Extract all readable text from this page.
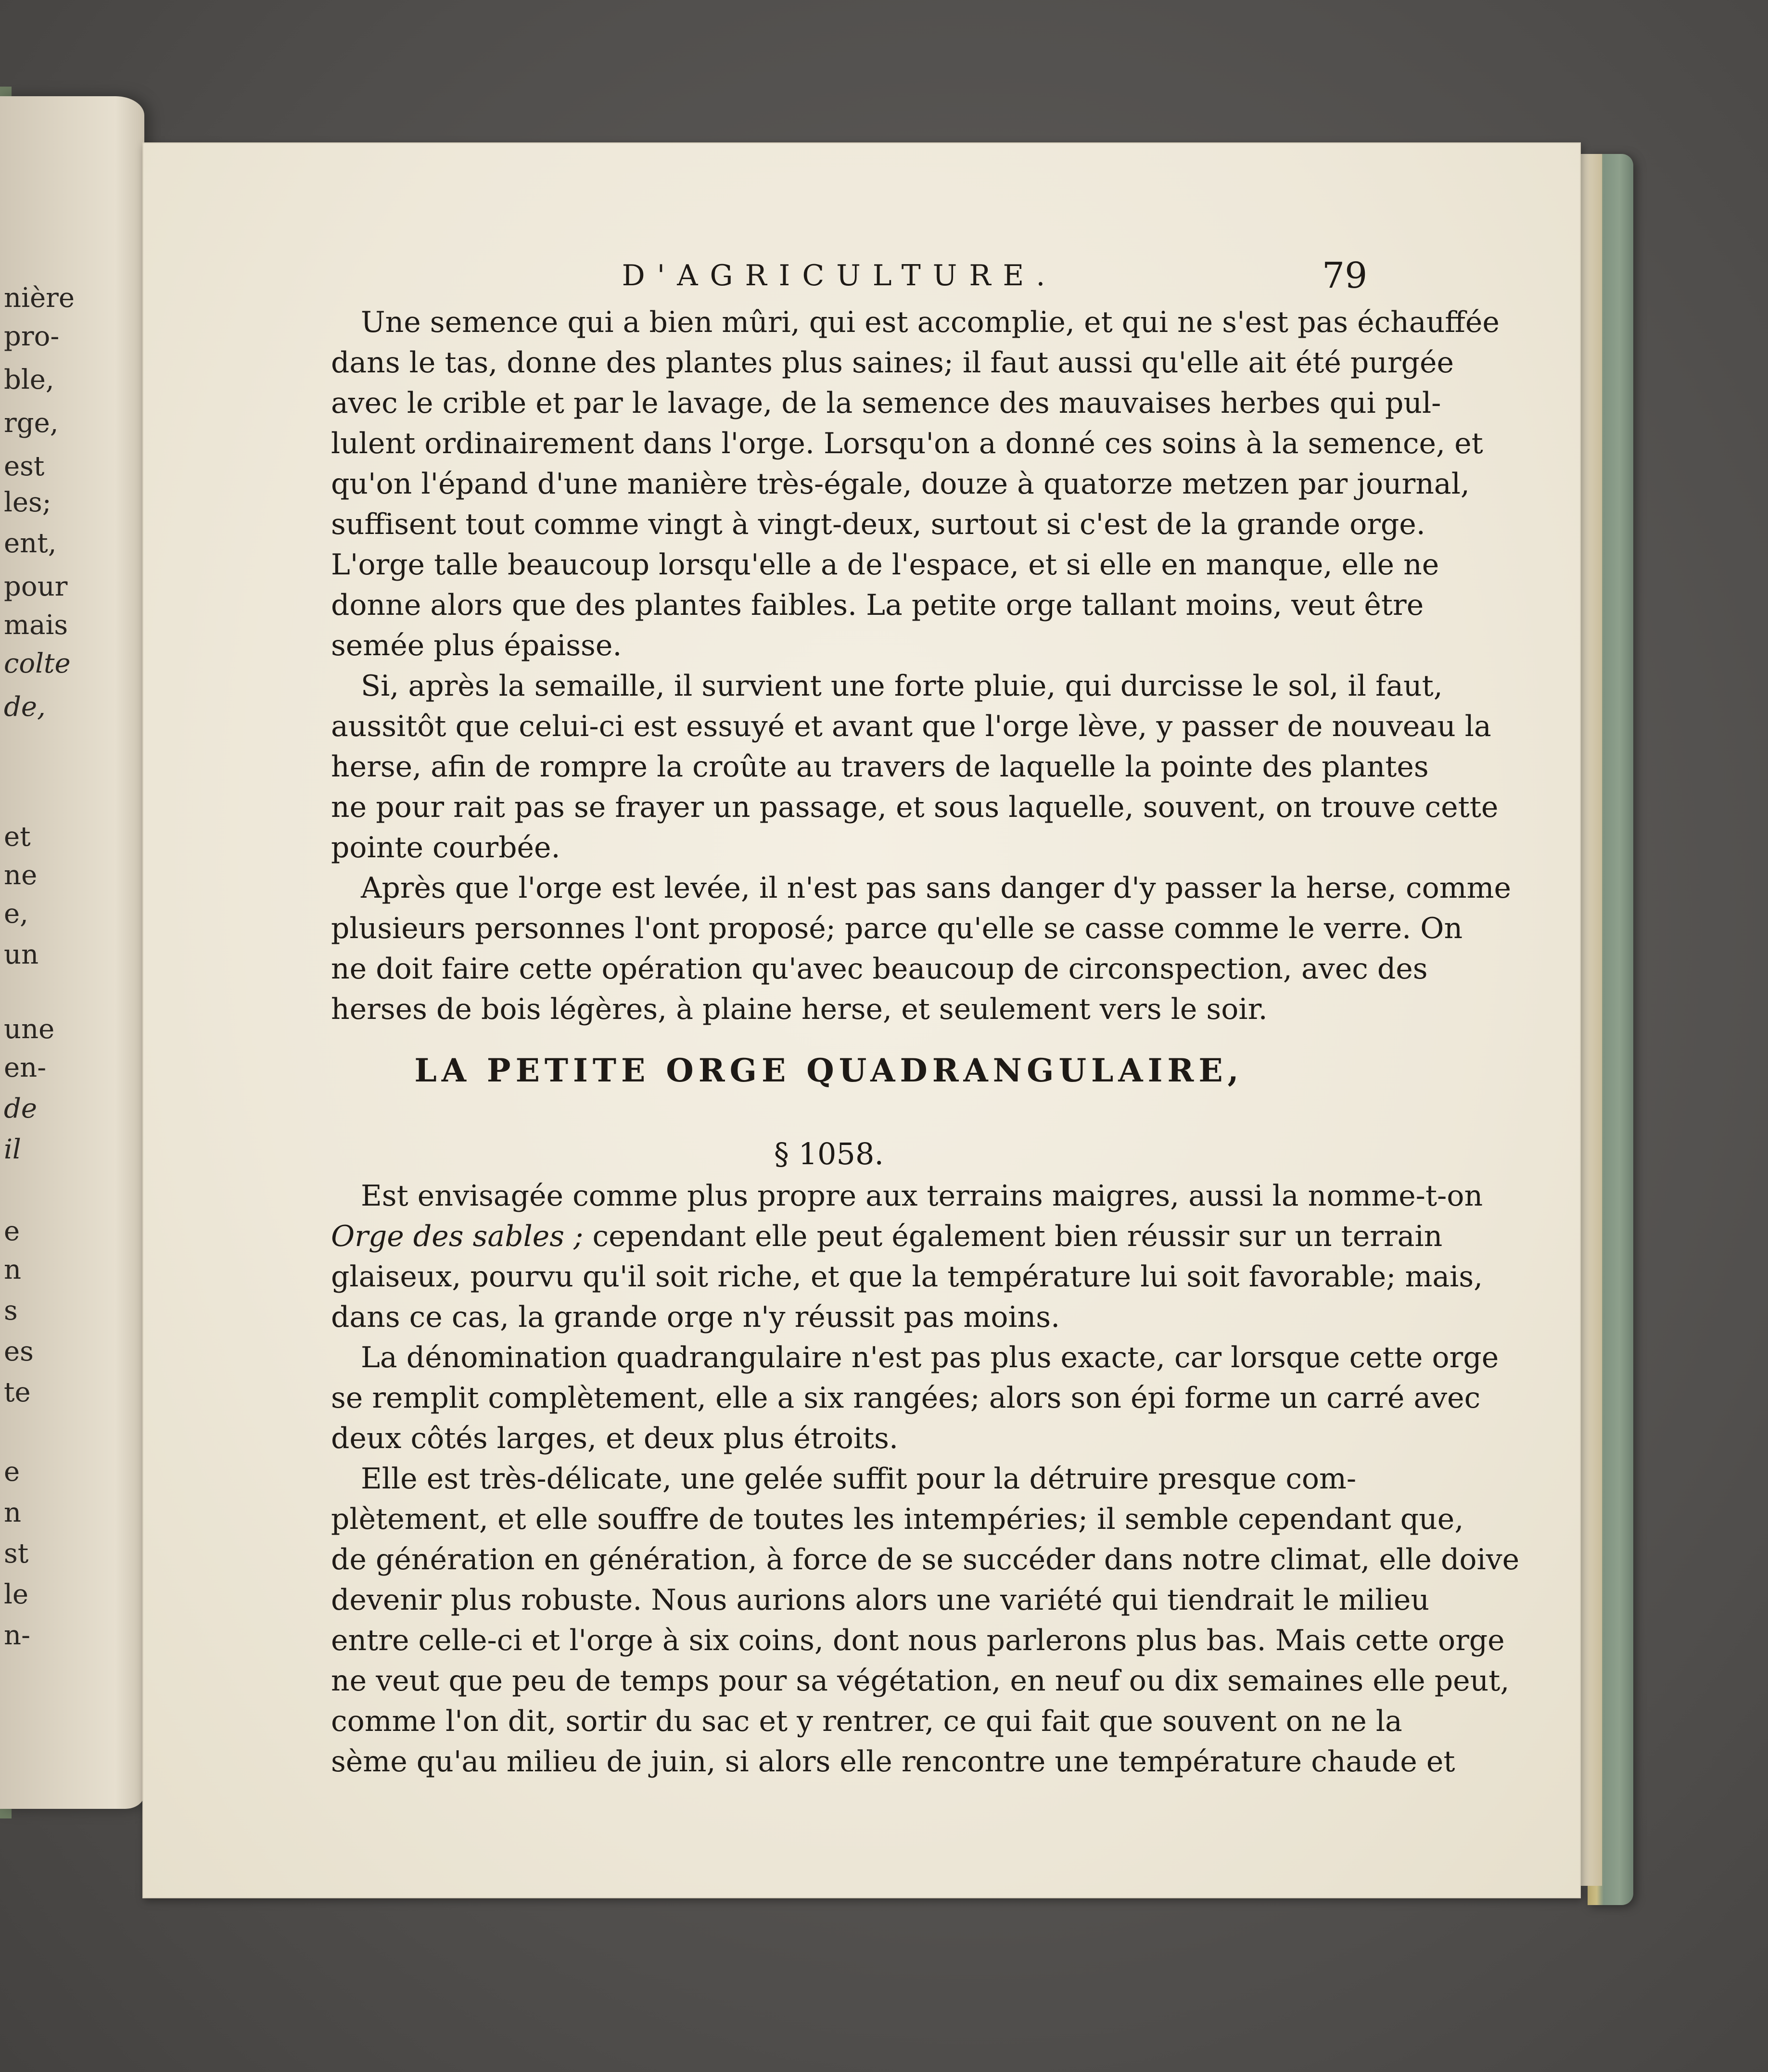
nière
pro-
ble,
rge,
est
les;
ent,
pour
mais
colte
de,
et
ne
e,
un
une
en-
de
il
e
n
s
es
te
e
n
st
le
n-
D'AGRICULTURE.	79
Une semence qui a bien mûri, qui est accomplie, et qui ne s'est pas échauffée
dans le tas, donne des plantes plus saines; il faut aussi qu'elle ait été purgée
avec le crible et par le lavage, de la semence des mauvaises herbes qui pul-
lulent ordinairement dans l'orge. Lorsqu'on a donné ces soins à la semence, et
qu'on l'épand d'une manière très-égale, douze à quatorze metzen par journal,
suffisent tout comme vingt à vingt-deux, surtout si c'est de la grande orge.
L'orge talle beaucoup lorsqu'elle a de l'espace, et si elle en manque, elle ne
donne alors que des plantes faibles. La petite orge tallant moins, veut être
semée plus épaisse.
Si, après la semaille, il survient une forte pluie, qui durcisse le sol, il faut,
aussitôt que celui-ci est essuyé et avant que l'orge lève, y passer de nouveau la
herse, afin de rompre la croûte au travers de laquelle la pointe des plantes
ne pour rait pas se frayer un passage, et sous laquelle, souvent, on trouve cette
pointe courbée.
Après que l'orge est levée, il n'est pas sans danger d'y passer la herse, comme
plusieurs personnes l'ont proposé; parce qu'elle se casse comme le verre. On
ne doit faire cette opération qu'avec beaucoup de circonspection, avec des
herses de bois légères, à plaine herse, et seulement vers le soir.
LA PETITE ORGE QUADRANGULAIRE,
§ 1058.
Est envisagée comme plus propre aux terrains maigres, aussi la nomme-t-on
Orge des sables ; cependant elle peut également bien réussir sur un terrain
glaiseux, pourvu qu'il soit riche, et que la température lui soit favorable; mais,
dans ce cas, la grande orge n'y réussit pas moins.
La dénomination quadrangulaire n'est pas plus exacte, car lorsque cette orge
se remplit complètement, elle a six rangées; alors son épi forme un carré avec
deux côtés larges, et deux plus étroits.
Elle est très-délicate, une gelée suffit pour la détruire presque com-
plètement, et elle souffre de toutes les intempéries; il semble cependant que,
de génération en génération, à force de se succéder dans notre climat, elle doive
devenir plus robuste. Nous aurions alors une variété qui tiendrait le milieu
entre celle-ci et l'orge à six coins, dont nous parlerons plus bas. Mais cette orge
ne veut que peu de temps pour sa végétation, en neuf ou dix semaines elle peut,
comme l'on dit, sortir du sac et y rentrer, ce qui fait que souvent on ne la
sème qu'au milieu de juin, si alors elle rencontre une température chaude et
